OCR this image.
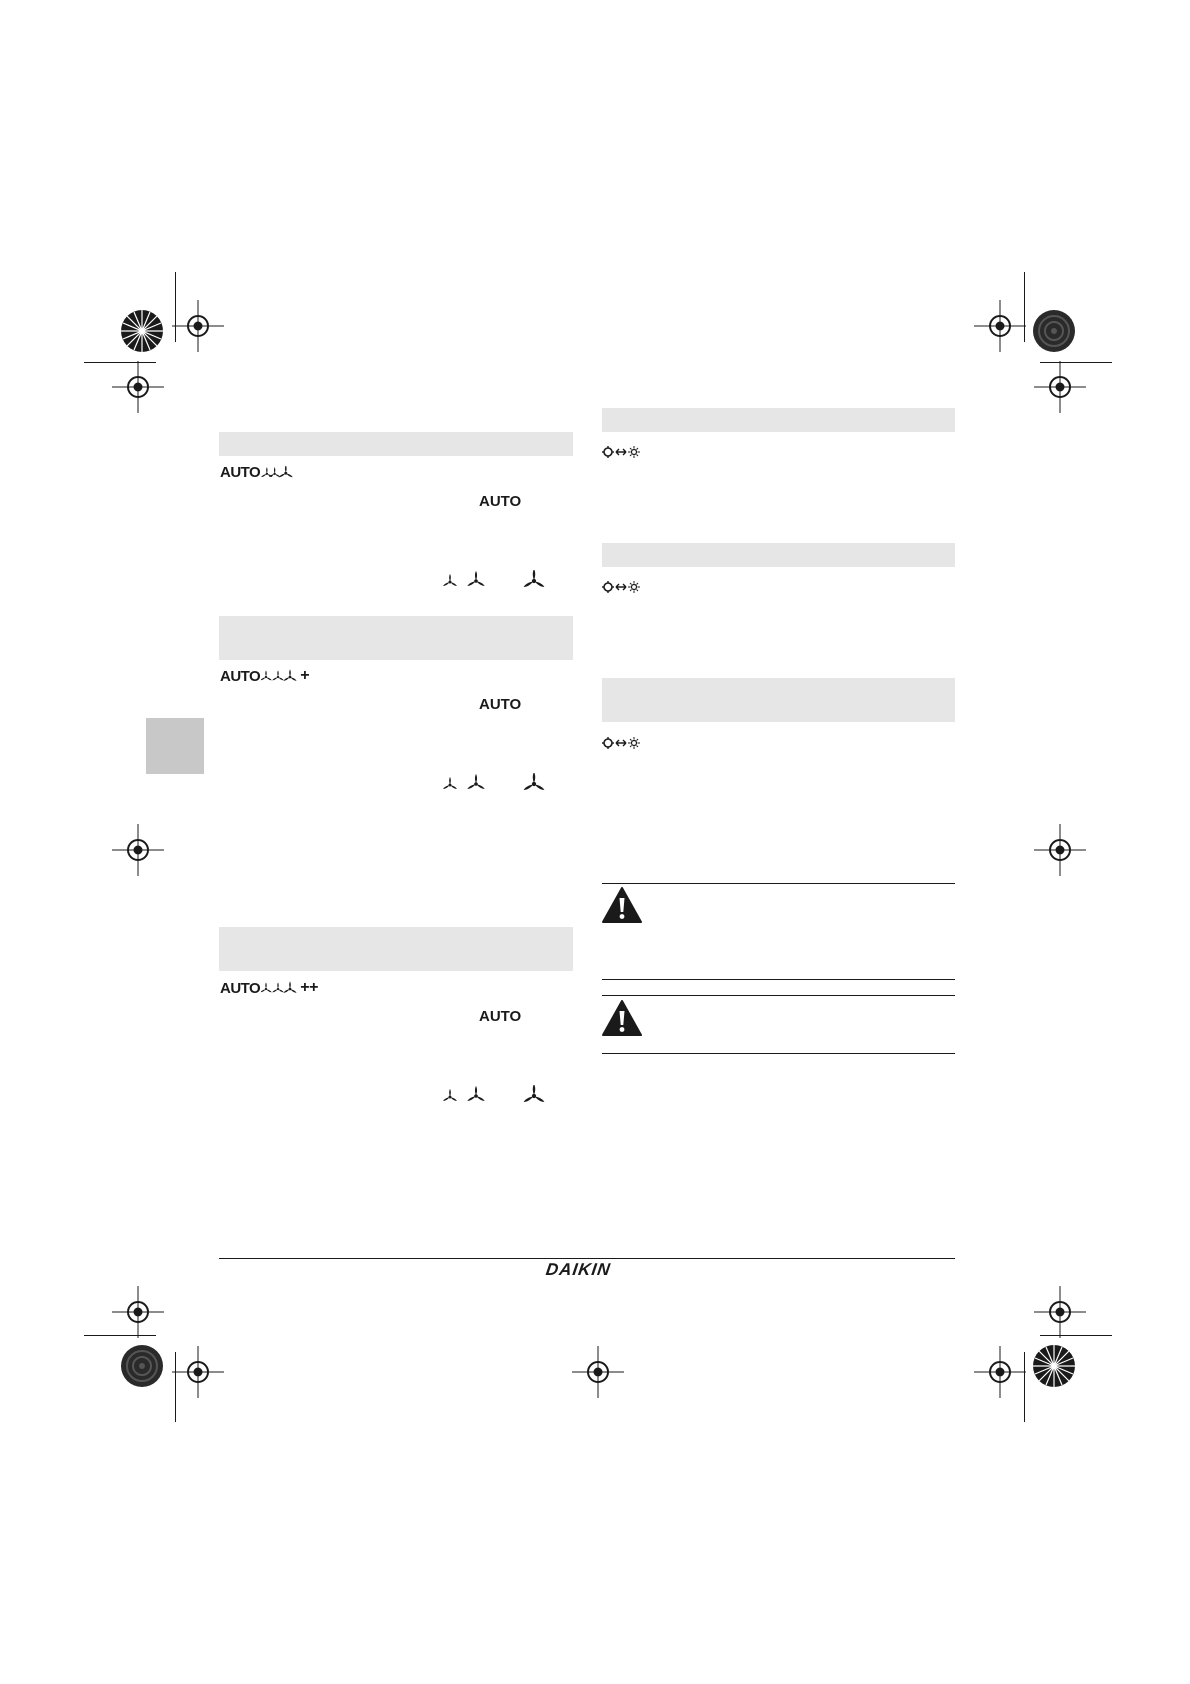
AUTO
AUTO
AUTO	+
AUTO
AUTO	++
AUTO
DAIKIN
